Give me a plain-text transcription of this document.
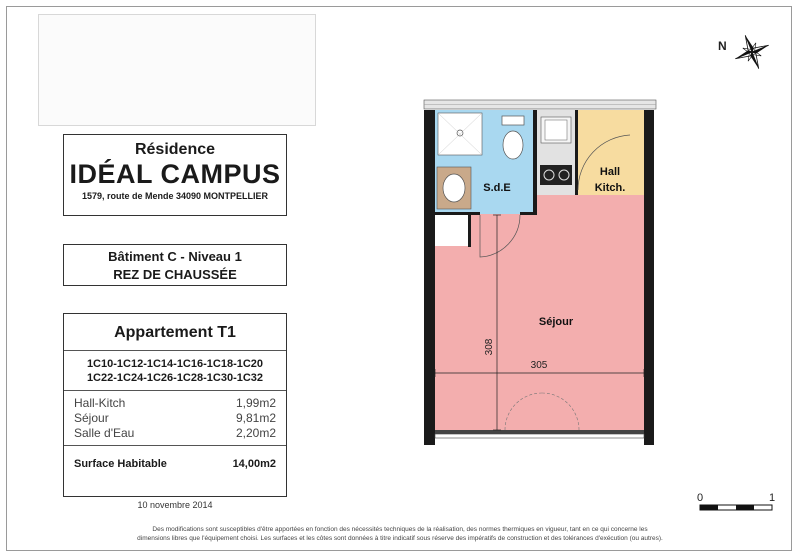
Résidence
IDÉAL CAMPUS
1579, route de Mende 34090 MONTPELLIER
Bâtiment C - Niveau 1
REZ DE CHAUSSÉE
Appartement T1
1C10-1C12-1C14-1C16-1C18-1C20
1C22-1C24-1C26-1C28-1C30-1C32
Hall-Kitch	1,99m2
Séjour	9,81m2
Salle d'Eau	2,20m2
Surface Habitable	14,00m2
10 novembre 2014
N
0	1
S.d.E
Hall
Kitch.
Séjour
305
308
Des modifications sont susceptibles d'être apportées en fonction des nécessités techniques de la réalisation, des normes thermiques en vigueur, tant en ce qui concerne les
dimensions libres que l'équipement choisi. Les surfaces et les côtes sont données à titre indicatif sous réserve des impératifs de construction et des tolérances d'exécution (ou autres).
